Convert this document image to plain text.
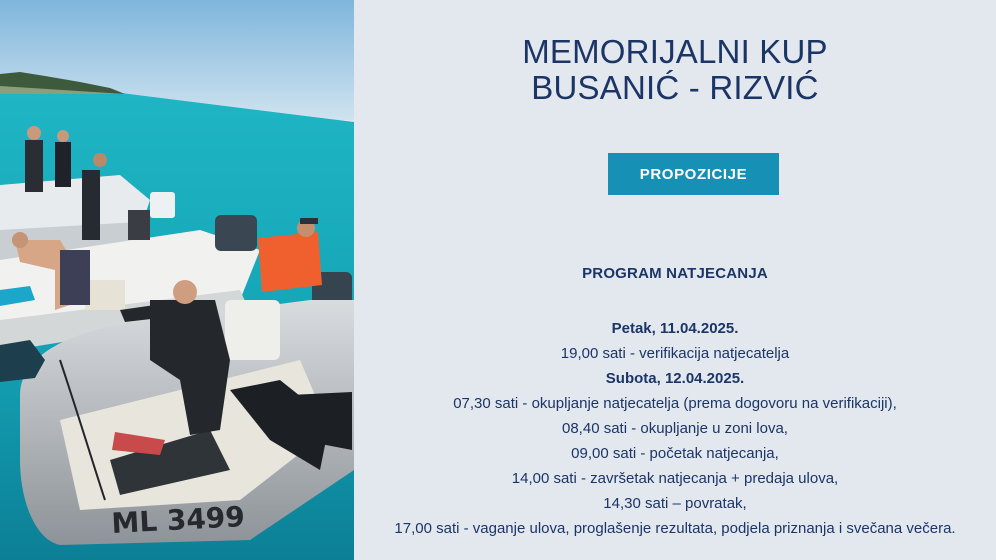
ML 3499
MEMORIJALNI KUP
BUSANIĆ - RIZVIĆ
PROPOZICIJE
PROGRAM NATJECANJA
Petak, 11.04.2025.
19,00 sati - verifikacija natjecatelja
Subota, 12.04.2025.
07,30 sati - okupljanje natjecatelja (prema dogovoru na verifikaciji),
08,40 sati - okupljanje u zoni lova,
09,00 sati - početak natjecanja,
14,00 sati - završetak natjecanja + predaja ulova,
14,30 sati – povratak,
17,00 sati - vaganje ulova, proglašenje rezultata, podjela priznanja i svečana večera.
